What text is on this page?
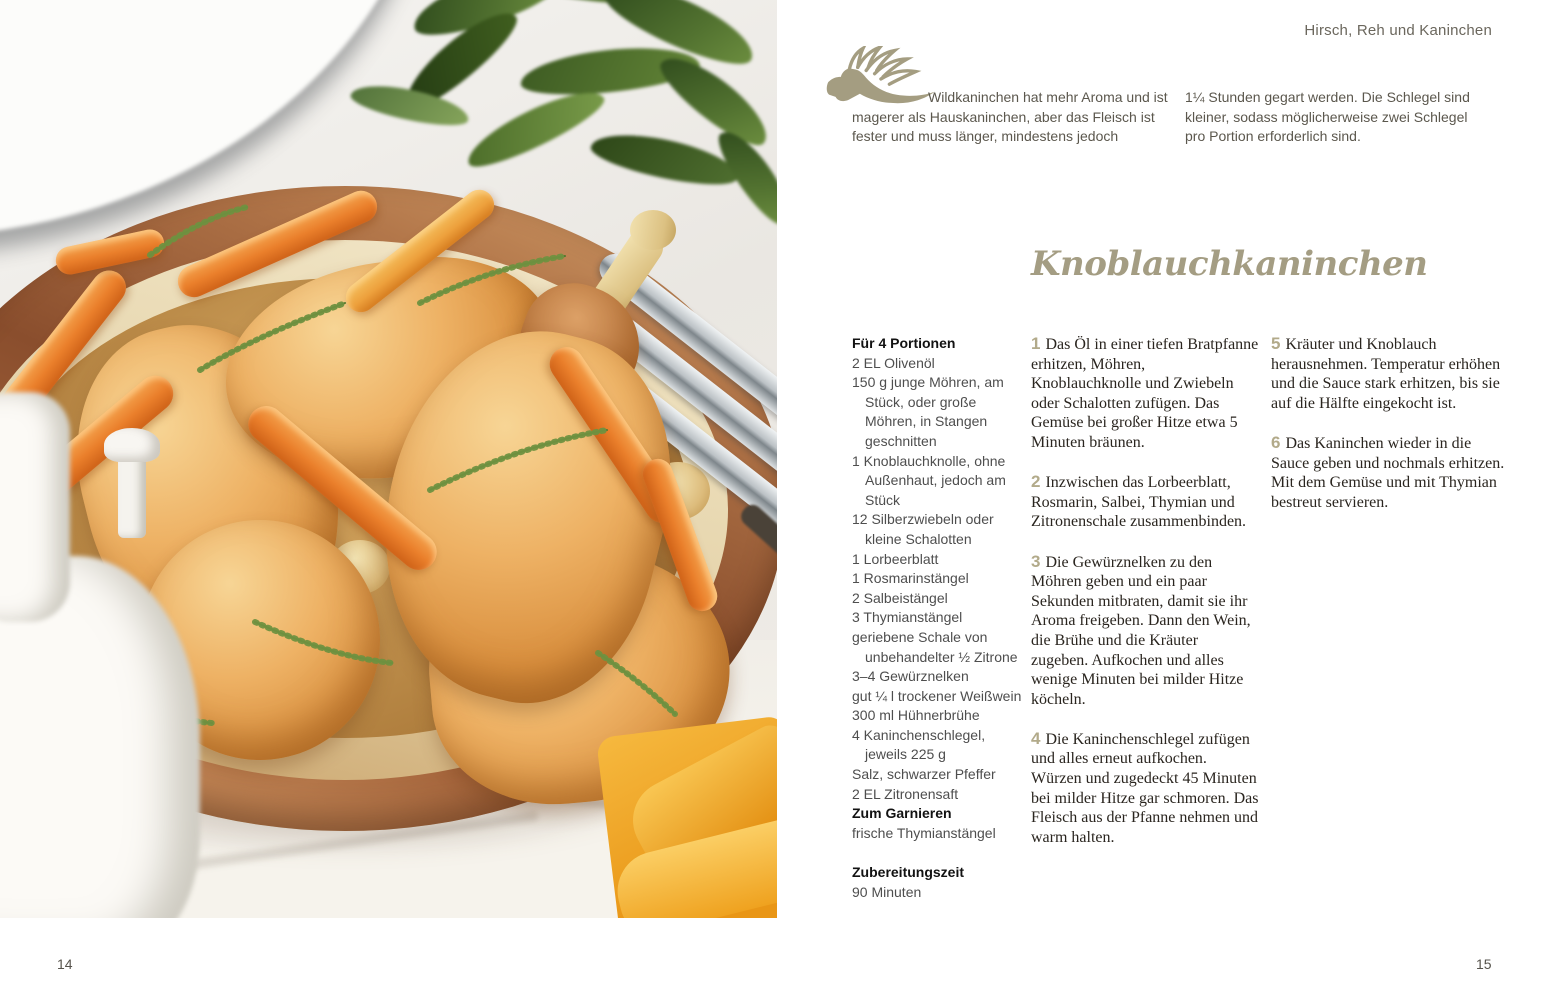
Hirsch, Reh und Kaninchen
Wildkaninchen hat mehr Aroma und ist magerer als Hauskaninchen, aber das Fleisch ist fester und muss länger, mindestens jedoch
1¼ Stunden gegart werden. Die Schlegel sind kleiner, sodass möglicherweise zwei Schlegel pro Portion erforderlich sind.
Knoblauchkaninchen
Für 4 Portionen
2 EL Olivenöl
150 g junge Möhren, am Stück, oder große Möhren, in Stangen geschnitten
1 Knoblauchknolle, ohne Außenhaut, jedoch am Stück
12 Silberzwiebeln oder kleine Schalotten
1 Lorbeerblatt
1 Rosmarinstängel
2 Salbeistängel
3 Thymianstängel
geriebene Schale von unbehandelter ½ Zitrone
3–4 Gewürznelken
gut ¼ l trockener Weißwein
300 ml Hühnerbrühe
4 Kaninchenschlegel, jeweils 225 g
Salz, schwarzer Pfeffer
2 EL Zitronensaft
Zum Garnieren
frische Thymianstängel
Zubereitungszeit
90 Minuten

1 Das Öl in einer tiefen Bratpfanne erhitzen, Möhren, Knoblauchknolle und Zwiebeln oder Schalotten zufügen. Das Gemüse bei großer Hitze etwa 5 Minuten bräunen.

2 Inzwischen das Lorbeerblatt, Rosmarin, Salbei, Thymian und Zitronenschale zusammenbinden.

3 Die Gewürznelken zu den Möhren geben und ein paar Sekunden mitbraten, damit sie ihr Aroma freigeben. Dann den Wein, die Brühe und die Kräuter zugeben. Aufkochen und alles wenige Minuten bei milder Hitze köcheln.

4 Die Kaninchenschlegel zufügen und alles erneut aufkochen. Würzen und zugedeckt 45 Minuten bei milder Hitze gar schmoren. Das Fleisch aus der Pfanne nehmen und warm halten.

5 Kräuter und Knoblauch herausnehmen. Temperatur erhöhen und die Sauce stark erhitzen, bis sie auf die Hälfte eingekocht ist.

6 Das Kaninchen wieder in die Sauce geben und nochmals erhitzen. Mit dem Gemüse und mit Thymian bestreut servieren.

14	15
